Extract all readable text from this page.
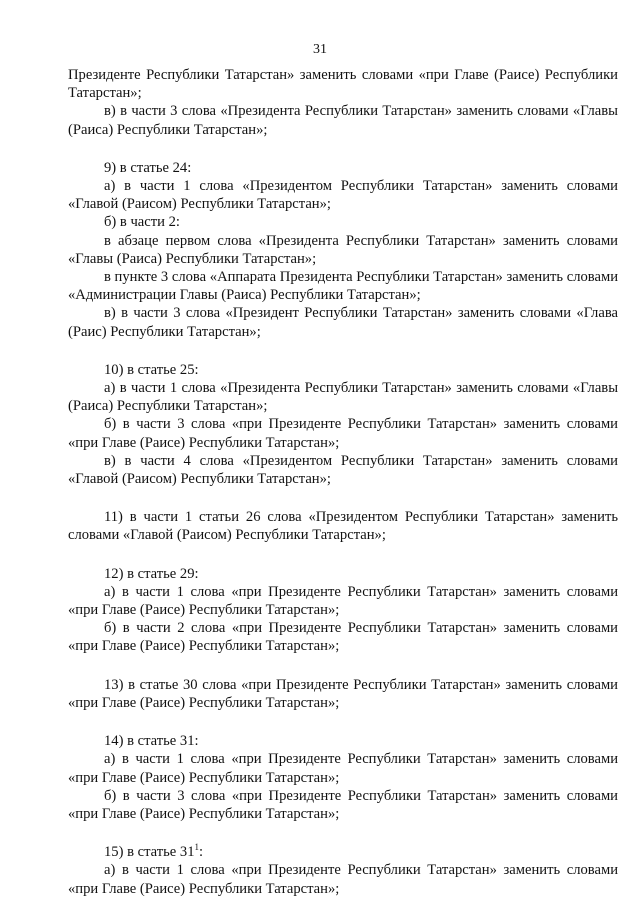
31
Президенте Республики Татарстан» заменить словами «при Главе (Раисе) Республики Татарстан»;
в) в части 3 слова «Президента Республики Татарстан» заменить словами «Главы (Раиса) Республики Татарстан»;
9) в статье 24:
а) в части 1 слова «Президентом Республики Татарстан» заменить словами «Главой (Раисом) Республики Татарстан»;
б) в части 2:
в абзаце первом слова «Президента Республики Татарстан» заменить словами «Главы (Раиса) Республики Татарстан»;
в пункте 3 слова «Аппарата Президента Республики Татарстан» заменить словами «Администрации Главы (Раиса) Республики Татарстан»;
в) в части 3 слова «Президент Республики Татарстан» заменить словами «Глава (Раис) Республики Татарстан»;
10) в статье 25:
а) в части 1 слова «Президента Республики Татарстан» заменить словами «Главы (Раиса) Республики Татарстан»;
б) в части 3 слова «при Президенте Республики Татарстан» заменить словами «при Главе (Раисе) Республики Татарстан»;
в) в части 4 слова «Президентом Республики Татарстан» заменить словами «Главой (Раисом) Республики Татарстан»;
11) в части 1 статьи 26 слова «Президентом Республики Татарстан» заменить словами «Главой (Раисом) Республики Татарстан»;
12) в статье 29:
а) в части 1 слова «при Президенте Республики Татарстан» заменить словами «при Главе (Раисе) Республики Татарстан»;
б) в части 2 слова «при Президенте Республики Татарстан» заменить словами «при Главе (Раисе) Республики Татарстан»;
13) в статье 30 слова «при Президенте Республики Татарстан» заменить словами «при Главе (Раисе) Республики Татарстан»;
14) в статье 31:
а) в части 1 слова «при Президенте Республики Татарстан» заменить словами «при Главе (Раисе) Республики Татарстан»;
б) в части 3 слова «при Президенте Республики Татарстан» заменить словами «при Главе (Раисе) Республики Татарстан»;
15) в статье $31^1$:
а) в части 1 слова «при Президенте Республики Татарстан» заменить словами «при Главе (Раисе) Республики Татарстан»;
